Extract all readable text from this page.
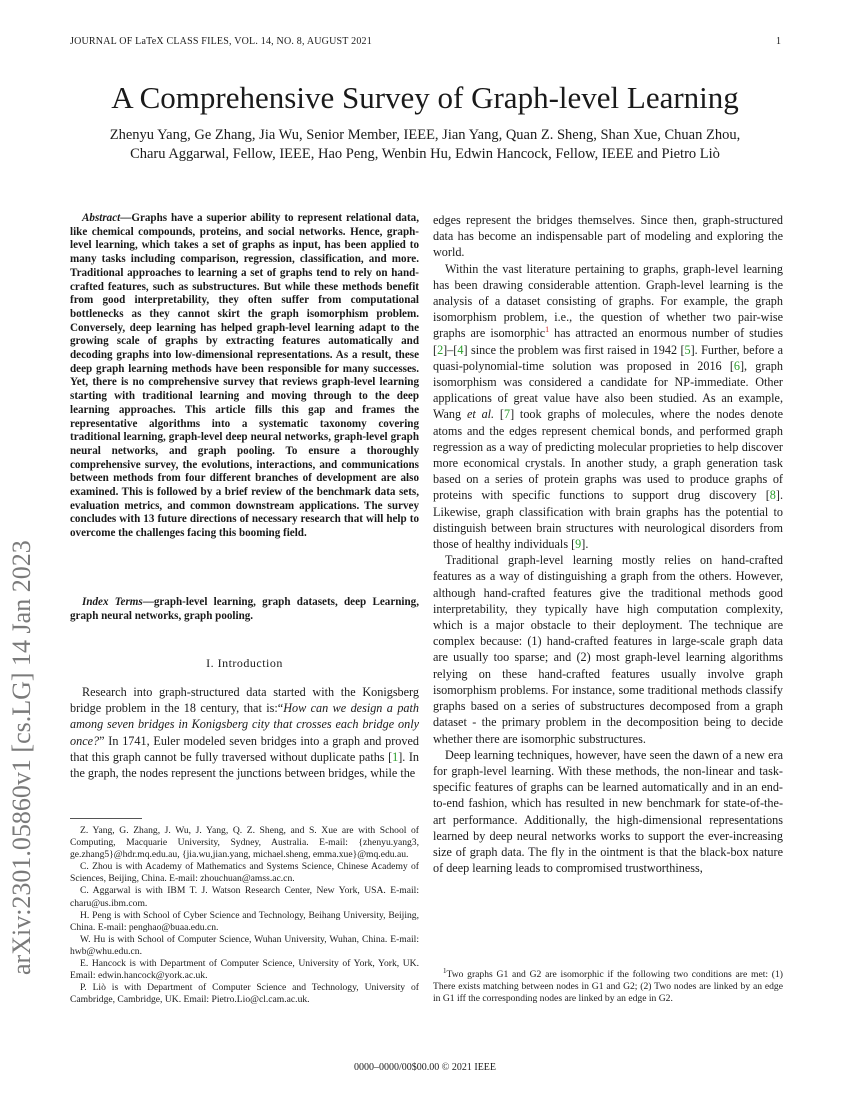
JOURNAL OF LaTeX CLASS FILES, VOL. 14, NO. 8, AUGUST 2021	1
A Comprehensive Survey of Graph-level Learning
Zhenyu Yang, Ge Zhang, Jia Wu, Senior Member, IEEE, Jian Yang, Quan Z. Sheng, Shan Xue, Chuan Zhou,
Charu Aggarwal, Fellow, IEEE, Hao Peng, Wenbin Hu, Edwin Hancock, Fellow, IEEE and Pietro Liò
arXiv:2301.05860v1 [cs.LG] 14 Jan 2023
Abstract—Graphs have a superior ability to represent relational data, like chemical compounds, proteins, and social networks. Hence, graph-level learning, which takes a set of graphs as input, has been applied to many tasks including comparison, regression, classification, and more. Traditional approaches to learning a set of graphs tend to rely on hand-crafted features, such as substructures. But while these methods benefit from good interpretability, they often suffer from computational bottlenecks as they cannot skirt the graph isomorphism problem. Conversely, deep learning has helped graph-level learning adapt to the growing scale of graphs by extracting features automatically and decoding graphs into low-dimensional representations. As a result, these deep graph learning methods have been responsible for many successes. Yet, there is no comprehensive survey that reviews graph-level learning starting with traditional learning and moving through to the deep learning approaches. This article fills this gap and frames the representative algorithms into a systematic taxonomy covering traditional learning, graph-level deep neural networks, graph-level graph neural networks, and graph pooling. To ensure a thoroughly comprehensive survey, the evolutions, interactions, and communications between methods from four different branches of development are also examined. This is followed by a brief review of the benchmark data sets, evaluation metrics, and common downstream applications. The survey concludes with 13 future directions of necessary research that will help to overcome the challenges facing this booming field.
Index Terms—graph-level learning, graph datasets, deep Learning, graph neural networks, graph pooling.
I. Introduction

Research into graph-structured data started with the Konigsberg bridge problem in the 18 century, that is:“How can we design a path among seven bridges in Konigsberg city that crosses each bridge only once?” In 1741, Euler modeled seven bridges into a graph and proved that this graph cannot be fully traversed without duplicate paths [1]. In the graph, the nodes represent the junctions between bridges, while the

Z. Yang, G. Zhang, J. Wu, J. Yang, Q. Z. Sheng, and S. Xue are with School of Computing, Macquarie University, Sydney, Australia. E-mail: {zhenyu.yang3, ge.zhang5}@hdr.mq.edu.au, {jia.wu,jian.yang, michael.sheng, emma.xue}@mq.edu.au.

C. Zhou is with Academy of Mathematics and Systems Science, Chinese Academy of Sciences, Beijing, China. E-mail: zhouchuan@amss.ac.cn.

C. Aggarwal is with IBM T. J. Watson Research Center, New York, USA. E-mail: charu@us.ibm.com.

H. Peng is with School of Cyber Science and Technology, Beihang University, Beijing, China. E-mail: penghao@buaa.edu.cn.

W. Hu is with School of Computer Science, Wuhan University, Wuhan, China. E-mail: hwb@whu.edu.cn.

E. Hancock is with Department of Computer Science, University of York, York, UK. Email: edwin.hancock@york.ac.uk.

P. Liò is with Department of Computer Science and Technology, University of Cambridge, Cambridge, UK. Email: Pietro.Lio@cl.cam.ac.uk.

edges represent the bridges themselves. Since then, graph-structured data has become an indispensable part of modeling and exploring the world.

Within the vast literature pertaining to graphs, graph-level learning has been drawing considerable attention. Graph-level learning is the analysis of a dataset consisting of graphs. For example, the graph isomorphism problem, i.e., the question of whether two pair-wise graphs are isomorphic$^1$ has attracted an enormous number of studies [2]–[4] since the problem was first raised in 1942 [5]. Further, before a quasi-polynomial-time solution was proposed in 2016 [6], graph isomorphism was considered a candidate for NP-immediate. Other applications of great value have also been studied. As an example, Wang et al. [7] took graphs of molecules, where the nodes denote atoms and the edges represent chemical bonds, and performed graph regression as a way of predicting molecular proprieties to help discover more economical crystals. In another study, a graph generation task based on a series of protein graphs was used to produce graphs of proteins with specific functions to support drug discovery [8]. Likewise, graph classification with brain graphs has the potential to distinguish between brain structures with neurological disorders from those of healthy individuals [9].

Traditional graph-level learning mostly relies on hand-crafted features as a way of distinguishing a graph from the others. However, although hand-crafted features give the traditional methods good interpretability, they typically have high computation complexity, which is a major obstacle to their deployment. The technique are complex because: (1) hand-crafted features in large-scale graph data are usually too sparse; and (2) most graph-level learning algorithms relying on these hand-crafted features usually involve graph isomorphism problems. For instance, some traditional methods classify graphs based on a series of substructures decomposed from a graph dataset - the primary problem in the decomposition being to decide whether there are isomorphic substructures.

Deep learning techniques, however, have seen the dawn of a new era for graph-level learning. With these methods, the non-linear and task-specific features of graphs can be learned automatically and in an end-to-end fashion, which has resulted in new benchmark for state-of-the-art performance. Additionally, the high-dimensional representations learned by deep neural networks works to support the ever-increasing size of graph data. The fly in the ointment is that the black-box nature of deep learning leads to compromised trustworthiness,

$^1$Two graphs G1 and G2 are isomorphic if the following two conditions are met: (1) There exists matching between nodes in G1 and G2; (2) Two nodes are linked by an edge in G1 iff the corresponding nodes are linked by an edge in G2.

0000–0000/00$00.00 © 2021 IEEE
